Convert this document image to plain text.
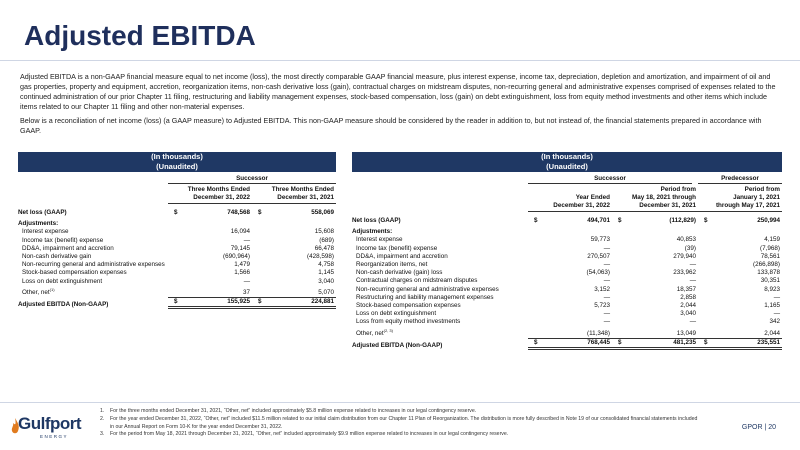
Adjusted EBITDA

Adjusted EBITDA is a non-GAAP financial measure equal to net income (loss), the most directly comparable GAAP financial measure, plus interest expense, income tax, depreciation, depletion and amortization, and impairment of oil and gas properties, property and equipment, accretion, reorganization items, non-cash derivative loss (gain), contractual charges on midstream disputes, non-recurring general and administrative expenses comprised of expenses related to the continued administration of our prior Chapter 11 filing, restructuring and liability management expenses, stock-based compensation, loss (gain) on debt extinguishment, loss from equity method investments and other items which include items related to our Chapter 11 filing and other non-material expenses.

Below is a reconciliation of net income (loss) (a GAAP measure) to Adjusted EBITDA. This non-GAAP measure should be considered by the reader in addition to, but not instead of, the financial statements prepared in accordance with GAAP.

(In thousands)
(Unaudited)
Successor
Three Months Ended
December 31, 2022
Three Months Ended
December 31, 2021
Net loss (GAAP)	$	748,568	$	558,069
Adjustments:
Interest expense	16,094	15,608
Income tax (benefit) expense	—	(689)
DD&A, impairment and accretion	79,145	66,478
Non-cash derivative gain	(690,964)	(428,598)
Non-recurring general and administrative expenses	1,479	4,758
Stock-based compensation expenses	1,566	1,145
Loss on debt extinguishment	—	3,040
Other, net$^{(1)}$	37	5,070
Adjusted EBITDA (Non-GAAP)	$	155,925	$	224,881
(In thousands)
(Unaudited)
Successor	Predecessor

Year Ended
December 31, 2022
Period from
May 18, 2021 through
December 31, 2021
Period from
January 1, 2021
through May 17, 2021
Net loss (GAAP)	$	494,701	$	(112,829)	$	250,994
Adjustments:
Interest expense	59,773	40,853	4,159
Income tax (benefit) expense	—	(39)	(7,968)
DD&A, impairment and accretion	270,507	279,940	78,561
Reorganization items, net	—	—	(266,898)
Non-cash derivative (gain) loss	(54,063)	233,962	133,878
Contractual charges on midstream disputes	—	—	30,351
Non-recurring general and administrative expenses	3,152	18,357	8,923
Restructuring and liability management expenses	—	2,858	—
Stock-based compensation expenses	5,723	2,044	1,165
Loss on debt extinguishment	—	3,040	—
Loss from equity method investments	—	—	342
Other, net$^{(2, 3)}$	(11,348)	13,049	2,044
Adjusted EBITDA (Non-GAAP)	$	768,445	$	481,235	$	235,551
Gulfport
ENERGY
1.	For the three months ended December 31, 2021, “Other, net” included approximately $5.8 million expense related to increases in our legal contingency reserve.
2.	For the year ended December 31, 2022, “Other, net” included $11.5 million related to our initial claim distribution from our Chapter 11 Plan of Reorganization. The distribution is more fully described in Note 19 of our consolidated financial statements included in our Annual Report on Form 10-K for the year ended December 31, 2022.
3.	For the period from May 18, 2021 through December 31, 2021, “Other, net” included approximately $9.9 million expense related to increases in our legal contingency reserve.
GPOR | 20
